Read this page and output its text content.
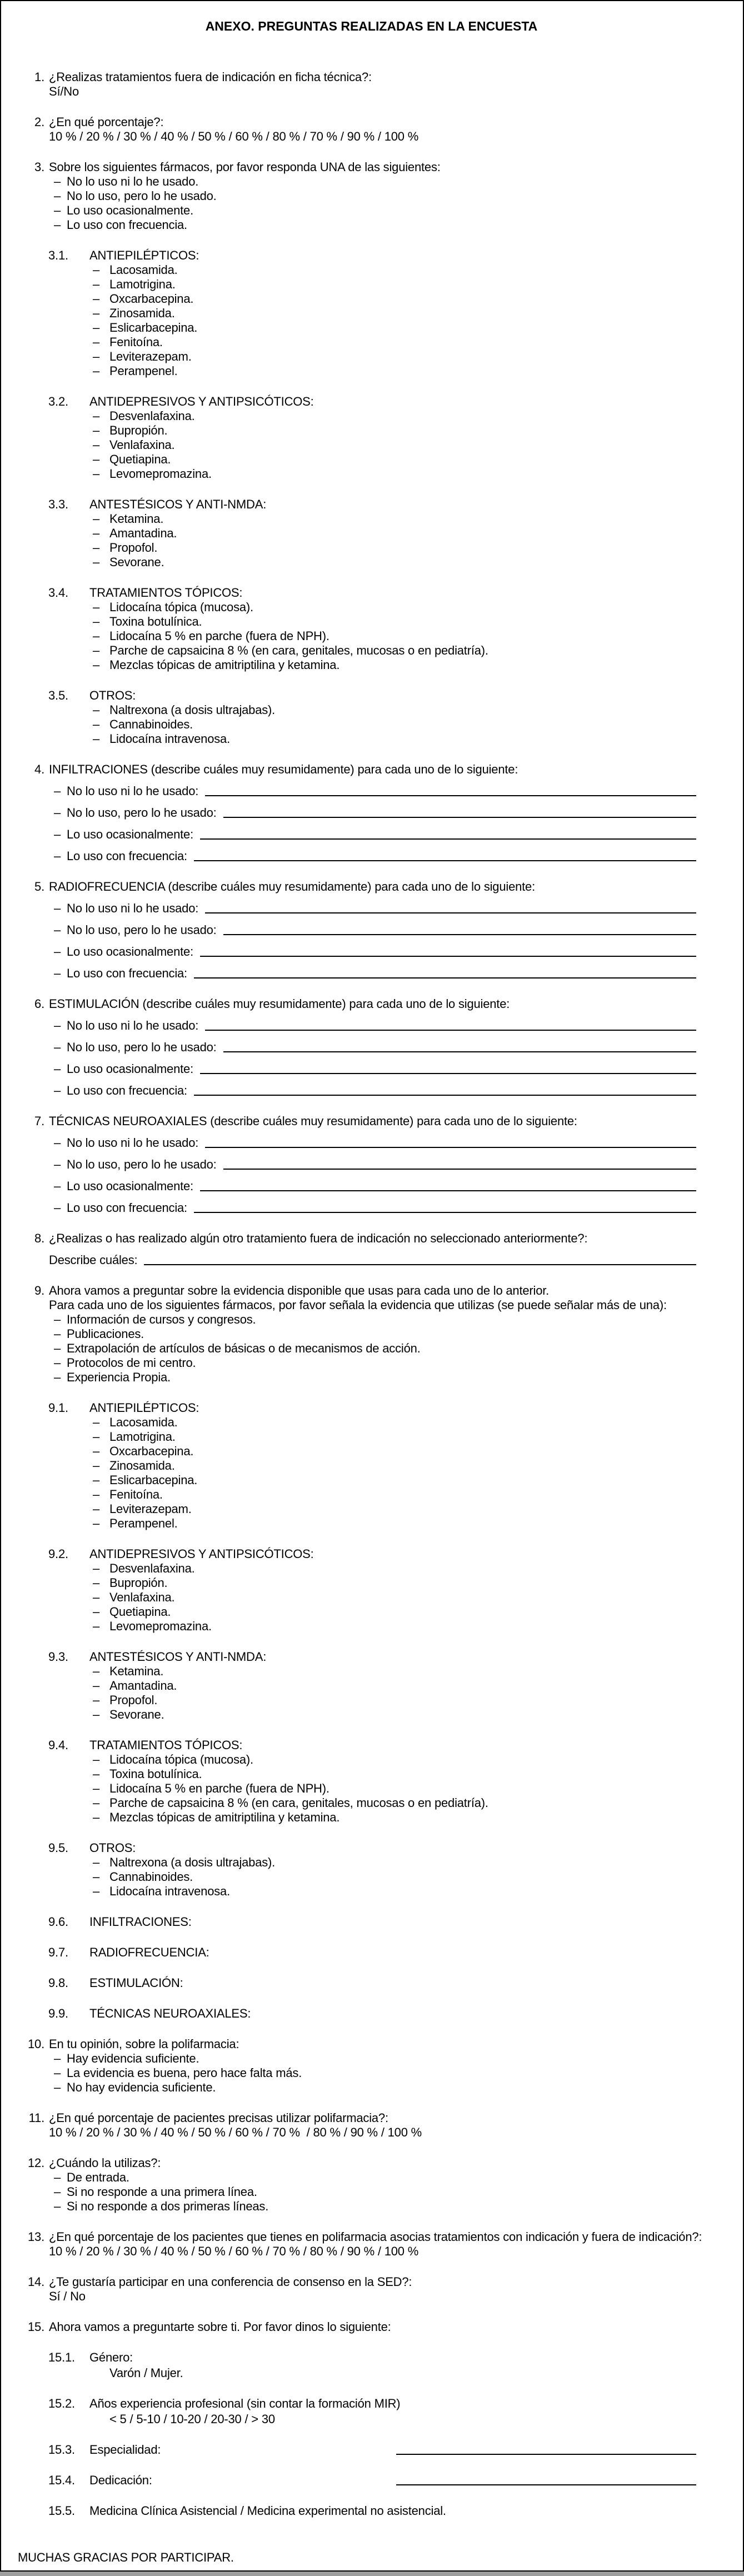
ANEXO. PREGUNTAS REALIZADAS EN LA ENCUESTA
1. ¿Realizas tratamientos fuera de indicación en ficha técnica?:
Sí/No
2. ¿En qué porcentaje?:
10 % / 20 % / 30 % / 40 % / 50 % / 60 % / 80 % / 70 % / 90 % / 100 %
3. Sobre los siguientes fármacos, por favor responda UNA de las siguientes:
– No lo uso ni lo he usado.
– No lo uso, pero lo he usado.
– Lo uso ocasionalmente.
– Lo uso con frecuencia.
3.1.	ANTIEPILÉPTICOS:
– Lacosamida.
– Lamotrigina.
– Oxcarbacepina.
– Zinosamida.
– Eslicarbacepina.
– Fenitoína.
– Leviterazepam.
– Perampenel.
3.2.	ANTIDEPRESIVOS Y ANTIPSICÓTICOS:
– Desvenlafaxina.
– Bupropión.
– Venlafaxina.
– Quetiapina.
– Levomepromazina.
3.3.	ANTESTÉSICOS Y ANTI-NMDA:
– Ketamina.
– Amantadina.
– Propofol.
– Sevorane.
3.4.	TRATAMIENTOS TÓPICOS:
– Lidocaína tópica (mucosa).
– Toxina botulínica.
– Lidocaína 5 % en parche (fuera de NPH).
– Parche de capsaicina 8 % (en cara, genitales, mucosas o en pediatría).
– Mezclas tópicas de amitriptilina y ketamina.
3.5.	OTROS:
– Naltrexona (a dosis ultrajabas).
– Cannabinoides.
– Lidocaína intravenosa.
4. INFILTRACIONES (describe cuáles muy resumidamente) para cada uno de lo siguiente:
– No lo uso ni lo he usado:
– No lo uso, pero lo he usado:
– Lo uso ocasionalmente:
– Lo uso con frecuencia:
5. RADIOFRECUENCIA (describe cuáles muy resumidamente) para cada uno de lo siguiente:
– No lo uso ni lo he usado:
– No lo uso, pero lo he usado:
– Lo uso ocasionalmente:
– Lo uso con frecuencia:
6. ESTIMULACIÓN (describe cuáles muy resumidamente) para cada uno de lo siguiente:
– No lo uso ni lo he usado:
– No lo uso, pero lo he usado:
– Lo uso ocasionalmente:
– Lo uso con frecuencia:
7. TÉCNICAS NEUROAXIALES (describe cuáles muy resumidamente) para cada uno de lo siguiente:
– No lo uso ni lo he usado:
– No lo uso, pero lo he usado:
– Lo uso ocasionalmente:
– Lo uso con frecuencia:
8. ¿Realizas o has realizado algún otro tratamiento fuera de indicación no seleccionado anteriormente?:
Describe cuáles:
9. Ahora vamos a preguntar sobre la evidencia disponible que usas para cada uno de lo anterior.
Para cada uno de los siguientes fármacos, por favor señala la evidencia que utilizas (se puede señalar más de una):
– Información de cursos y congresos.
– Publicaciones.
– Extrapolación de artículos de básicas o de mecanismos de acción.
– Protocolos de mi centro.
– Experiencia Propia.
9.1.	ANTIEPILÉPTICOS:
– Lacosamida.
– Lamotrigina.
– Oxcarbacepina.
– Zinosamida.
– Eslicarbacepina.
– Fenitoína.
– Leviterazepam.
– Perampenel.
9.2.	ANTIDEPRESIVOS Y ANTIPSICÓTICOS:
– Desvenlafaxina.
– Bupropión.
– Venlafaxina.
– Quetiapina.
– Levomepromazina.
9.3.	ANTESTÉSICOS Y ANTI-NMDA:
– Ketamina.
– Amantadina.
– Propofol.
– Sevorane.
9.4.	TRATAMIENTOS TÓPICOS:
– Lidocaína tópica (mucosa).
– Toxina botulínica.
– Lidocaína 5 % en parche (fuera de NPH).
– Parche de capsaicina 8 % (en cara, genitales, mucosas o en pediatría).
– Mezclas tópicas de amitriptilina y ketamina.
9.5.	OTROS:
– Naltrexona (a dosis ultrajabas).
– Cannabinoides.
– Lidocaína intravenosa.
9.6.	INFILTRACIONES:
9.7.	RADIOFRECUENCIA:
9.8.	ESTIMULACIÓN:
9.9.	TÉCNICAS NEUROAXIALES:
10. En tu opinión, sobre la polifarmacia:
– Hay evidencia suficiente.
– La evidencia es buena, pero hace falta más.
– No hay evidencia suficiente.
11. ¿En qué porcentaje de pacientes precisas utilizar polifarmacia?:
10 % / 20 % / 30 % / 40 % / 50 % / 60 % / 70 %  / 80 % / 90 % / 100 %
12. ¿Cuándo la utilizas?:
– De entrada.
– Si no responde a una primera línea.
– Si no responde a dos primeras líneas.
13. ¿En qué porcentaje de los pacientes que tienes en polifarmacia asocias tratamientos con indicación y fuera de indicación?:
10 % / 20 % / 30 % / 40 % / 50 % / 60 % / 70 % / 80 % / 90 % / 100 %
14. ¿Te gustaría participar en una conferencia de consenso en la SED?:
Sí / No
15. Ahora vamos a preguntarte sobre ti. Por favor dinos lo siguiente:
15.1.	Género:
Varón / Mujer.
15.2.	Años experiencia profesional (sin contar la formación MIR)
< 5 / 5-10 / 10-20 / 20-30 / > 30
15.3.	Especialidad:
15.4.	Dedicación:
15.5.	Medicina Clínica Asistencial / Medicina experimental no asistencial.
MUCHAS GRACIAS POR PARTICIPAR.
